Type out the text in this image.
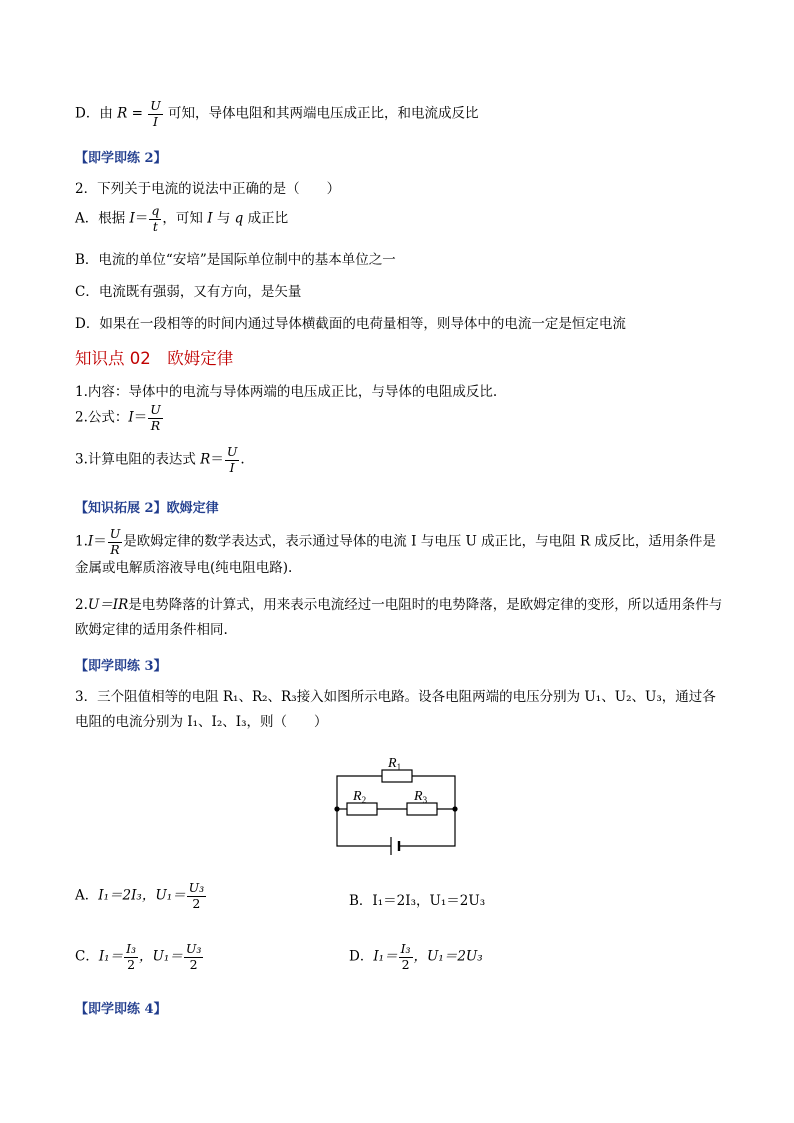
D．由 $R = \frac{U}{I}$ 可知，导体电阻和其两端电压成正比，和电流成反比
【即学即练 2】
2．下列关于电流的说法中正确的是（　　）
A．根据 $I= \frac{q}{t}$ ，可知 I 与 q 成正比
B．电流的单位“安培”是国际单位制中的基本单位之一
C．电流既有强弱，又有方向，是矢量
D．如果在一段相等的时间内通过导体横截面的电荷量相等，则导体中的电流一定是恒定电流
知识点 02　欧姆定律
1.内容：导体中的电流与导体两端的电压成正比，与导体的电阻成反比.
2.公式：$I= \frac{U}{R}$
3.计算电阻的表达式 $R= \frac{U}{I}$ .
【知识拓展 2】欧姆定律
$1.I= \frac{U}{R}$ 是欧姆定律的数学表达式，表示通过导体的电流 I 与电压 U 成正比，与电阻 R 成反比，适用条件是金属或电解质溶液导电(纯电阻电路).
2.U＝IR是电势降落的计算式，用来表示电流经过一电阻时的电势降落，是欧姆定律的变形，所以适用条件与欧姆定律的适用条件相同.
【即学即练 3】
3．三个阻值相等的电阻 R₁、R₂、R₃接入如图所示电路。设各电阻两端的电压分别为 U₁、U₂、U₃，通过各电阻的电流分别为 I₁、I₂、I₃，则（　　）
$R_1$
$R_2$	$R_3$
A．I₁＝2I₃，$U_1= \frac{\text{U₃}}{2}$	B．I₁＝2I₃，U₁＝2U₃
C．$I_1= \frac{\text{I₃}}{2}$ ，$U_1= \frac{\text{U₃}}{2}$	D．$I_1= \frac{\text{I₃}}{2}$ ，U₁＝2U₃
【即学即练 4】
